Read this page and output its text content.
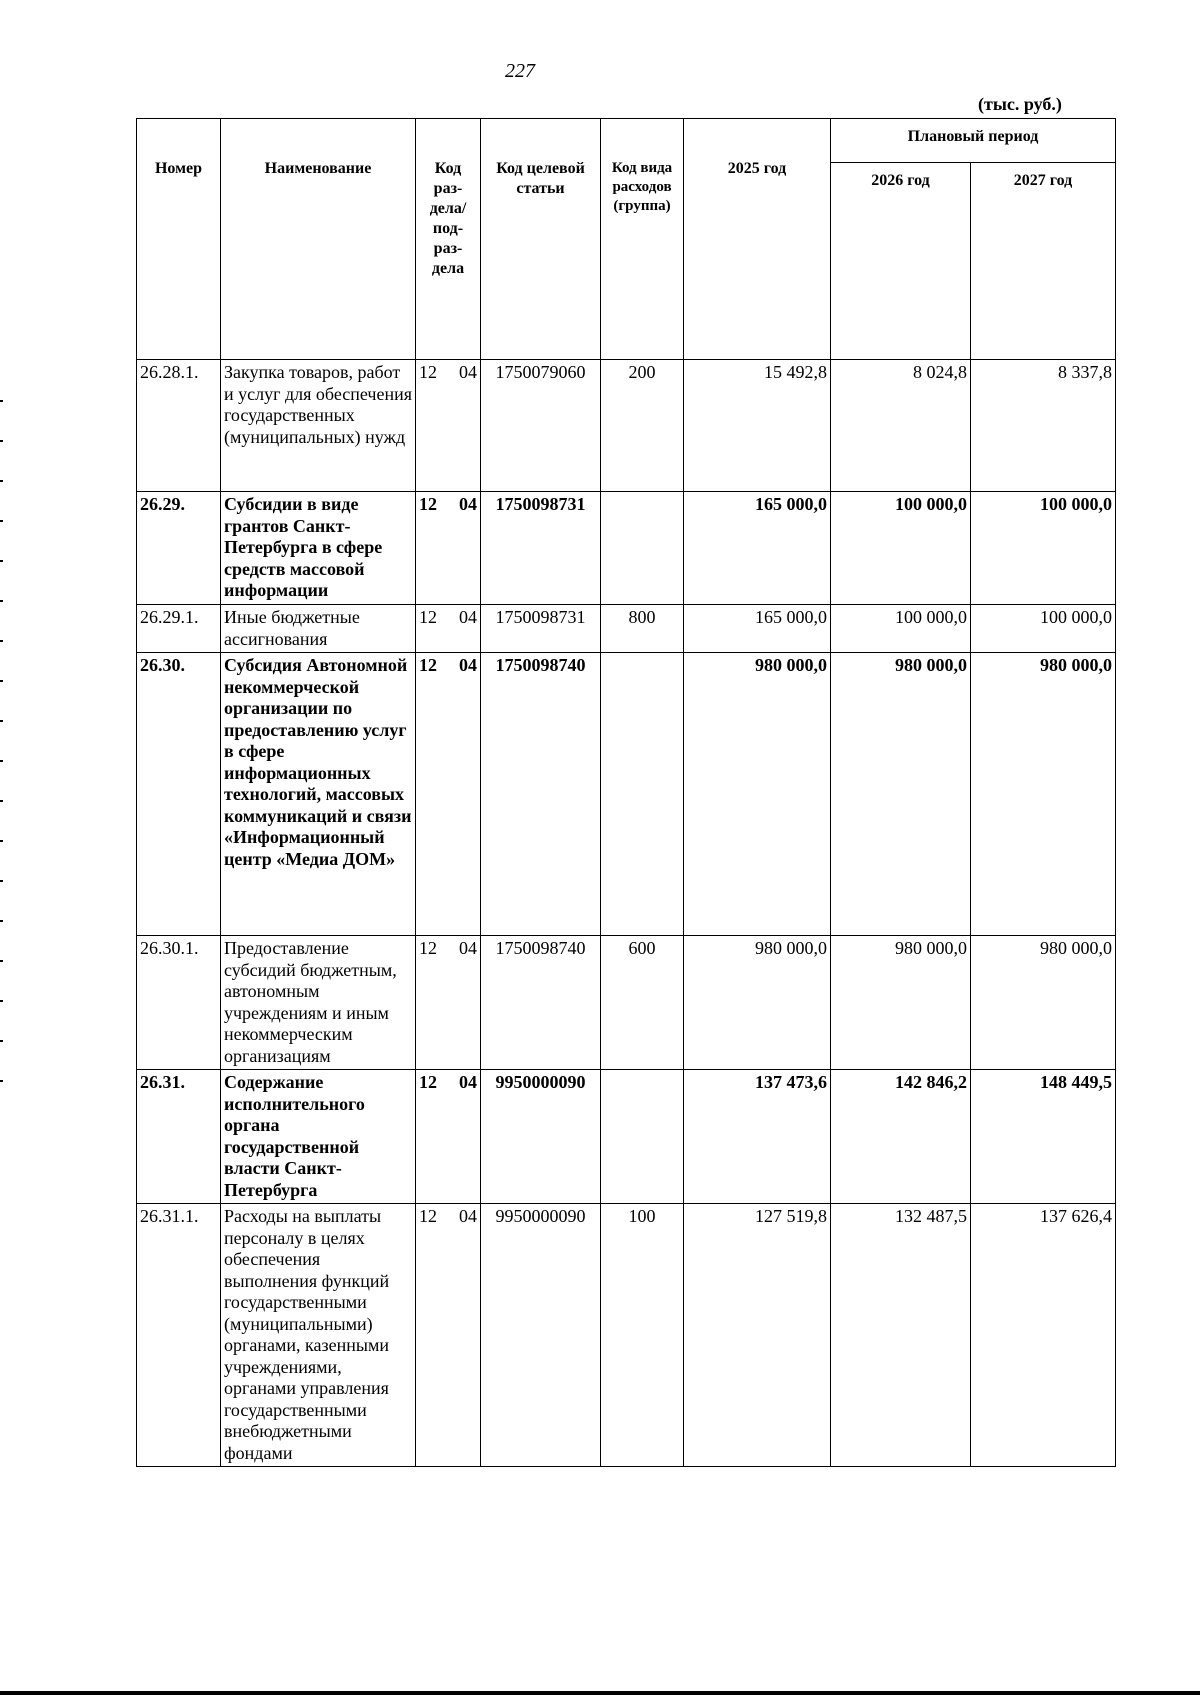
227
(тыс. руб.)
Номер	Наименование	Код раз-дела/ под-раз-дела	Код целевой статьи	Код вида расходов (группа)	2025 год	Плановый период	
						2026 год	2027 год
26.28.1.	Закупка товаров, работ и услуг для обеспечения государственных (муниципальных) нужд	12 04	1750079060	200	15 492,8	8 024,8	8 337,8
26.29.	Субсидии в виде грантов Санкт-Петербурга в сфере средств массовой информации	12 04	1750098731		165 000,0	100 000,0	100 000,0
26.29.1.	Иные бюджетные ассигнования	12 04	1750098731	800	165 000,0	100 000,0	100 000,0
26.30.	Субсидия Автономной некоммерческой организации по предоставлению услуг в сфере информационных технологий, массовых коммуникаций и связи «Информационный центр «Медиа ДОМ»	12 04	1750098740		980 000,0	980 000,0	980 000,0
26.30.1.	Предоставление субсидий бюджетным, автономным учреждениям и иным некоммерческим организациям	12 04	1750098740	600	980 000,0	980 000,0	980 000,0
26.31.	Содержание исполнительного органа государственной власти Санкт-Петербурга	12 04	9950000090		137 473,6	142 846,2	148 449,5
26.31.1.	Расходы на выплаты персоналу в целях обеспечения выполнения функций государственными (муниципальными) органами, казенными учреждениями, органами управления государственными внебюджетными фондами	12 04	9950000090	100	127 519,8	132 487,5	137 626,4
